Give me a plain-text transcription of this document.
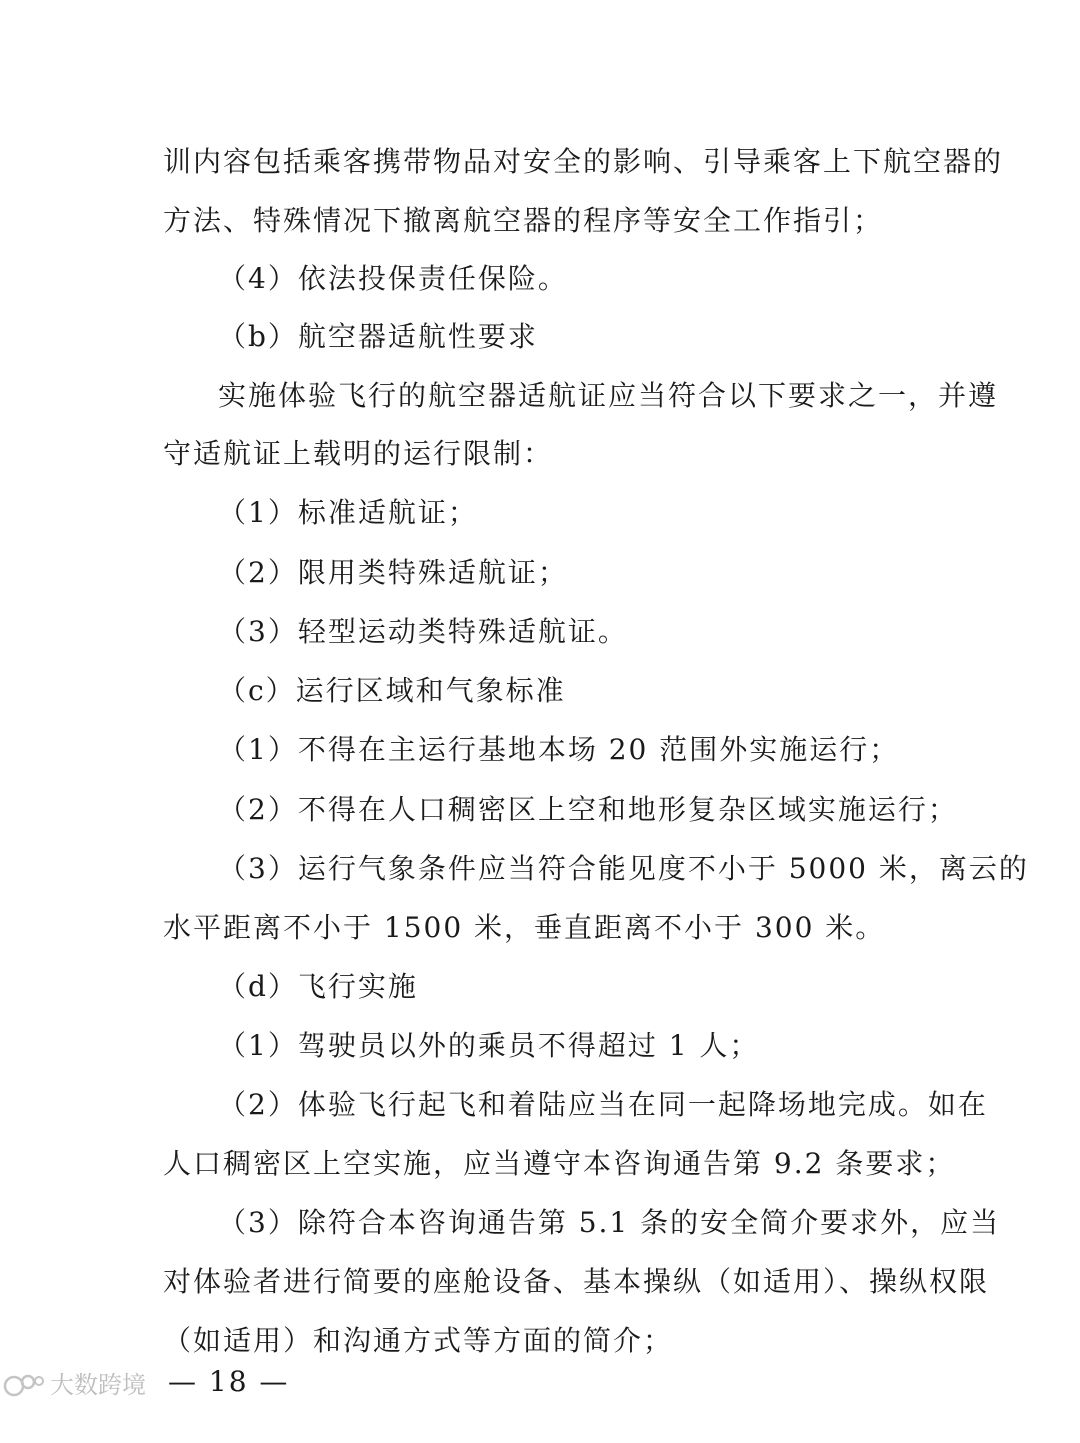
训内容包括乘客携带物品对安全的影响、引导乘客上下航空器的
方法、特殊情况下撤离航空器的程序等安全工作指引；
（4）依法投保责任保险。
（b）航空器适航性要求
实施体验飞行的航空器适航证应当符合以下要求之一，并遵
守适航证上载明的运行限制：
（1）标准适航证；
（2）限用类特殊适航证；
（3）轻型运动类特殊适航证。
（c）运行区域和气象标准
（1）不得在主运行基地本场 20 范围外实施运行；
（2）不得在人口稠密区上空和地形复杂区域实施运行；
（3）运行气象条件应当符合能见度不小于 5000 米，离云的
水平距离不小于 1500 米，垂直距离不小于 300 米。
（d）飞行实施
（1）驾驶员以外的乘员不得超过 1 人；
（2）体验飞行起飞和着陆应当在同一起降场地完成。如在
人口稠密区上空实施，应当遵守本咨询通告第 9.2 条要求；
（3）除符合本咨询通告第 5.1 条的安全简介要求外，应当
对体验者进行简要的座舱设备、基本操纵（如适用）、操纵权限
（如适用）和沟通方式等方面的简介；
— 18 —
大数跨境
